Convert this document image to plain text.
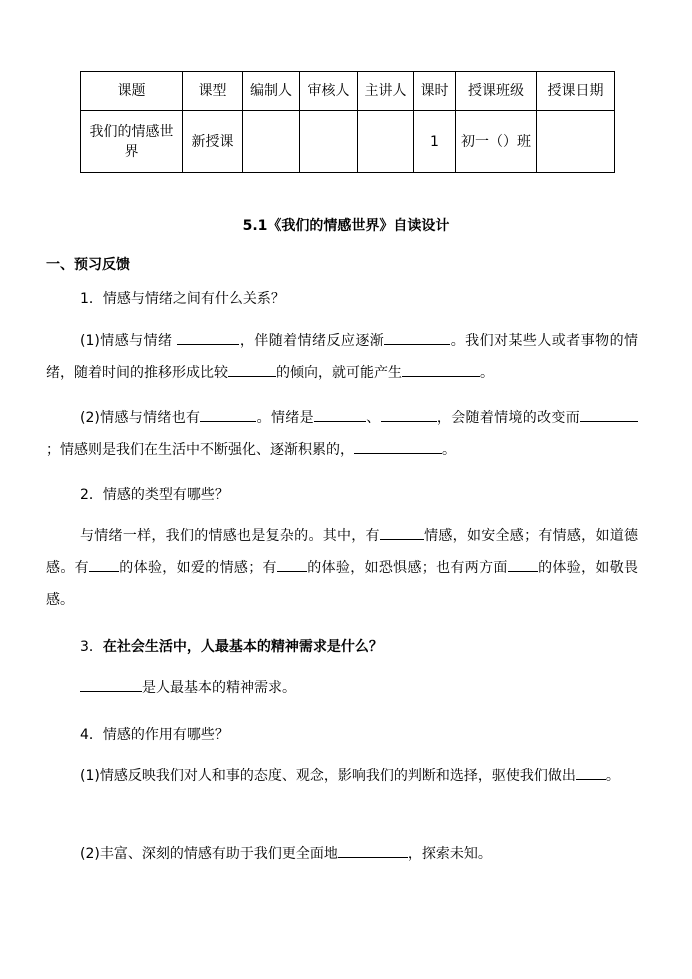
课题	课型	编制人	审核人	主讲人	课时	授课班级	授课日期
我们的情感世界	新授课				1	初一（）班	
5.1《我们的情感世界》自读设计
一、预习反馈
1．情感与情绪之间有什么关系？
(1)情感与情绪	，伴随着情绪反应逐渐	。我们对某些人或者事物的情绪，随着时间的推移形成比较	的倾向，就可能产生	。
(2)情感与情绪也有	。情绪是	、	，会随着情境的改变而；情感则是我们在生活中不断强化、逐渐积累的，	。
2．情感的类型有哪些？
与情绪一样，我们的情感也是复杂的。其中，有	情感，如安全感；有情感，如道德感。有 的体验，如爱的情感；有 的体验，如恐惧感；也有两方面 的体验，如敬畏感。
3．在社会生活中，人最基本的精神需求是什么？
是人最基本的精神需求。
4．情感的作用有哪些？
(1)情感反映我们对人和事的态度、观念，影响我们的判断和选择，驱使我们做出 。
(2)丰富、深刻的情感有助于我们更全面地	，探索未知。
